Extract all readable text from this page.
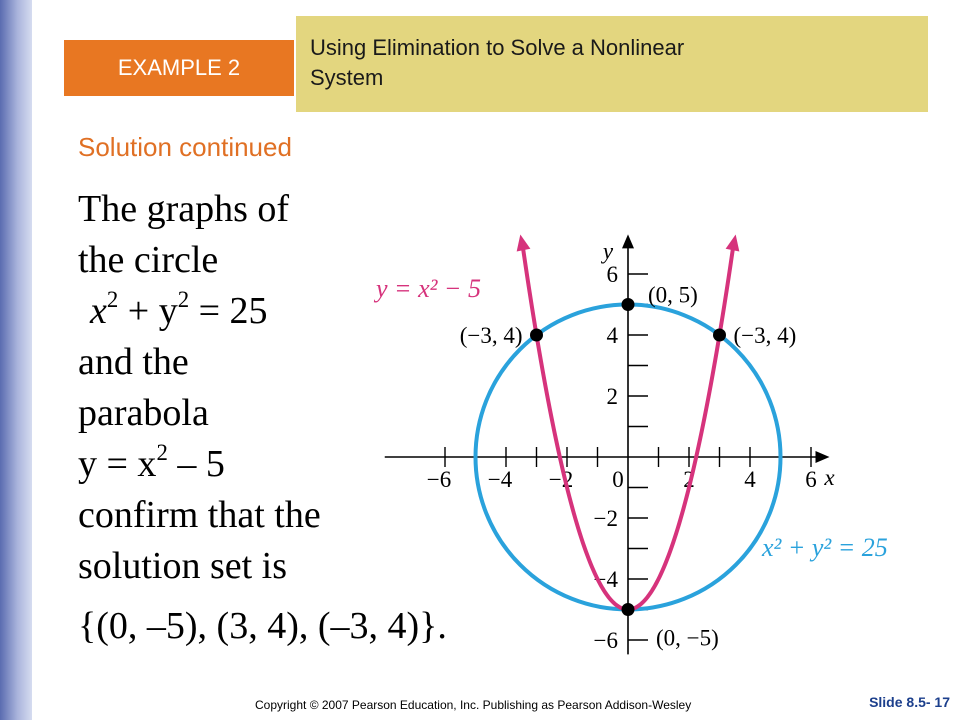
EXAMPLE 2
Using Elimination to Solve a Nonlinear
System
Solution continued
The graphs of
the circle
$x^2 + y^2 = 25$
and the
parabola
$y = x^2 - 5$
confirm that the
solution set is
−6 −4 −2 0	2 4 6
−6
−4
−2
2
4
6
x
y
y = x² − 5
x² + y² = 25
(0, 5)
(−3, 4)	(−3, 4)
(0, −5)
{(0, –5), (3, 4), (–3, 4)}.
Copyright © 2007 Pearson Education, Inc. Publishing as Pearson Addison-Wesley	Slide 8.5- 17
